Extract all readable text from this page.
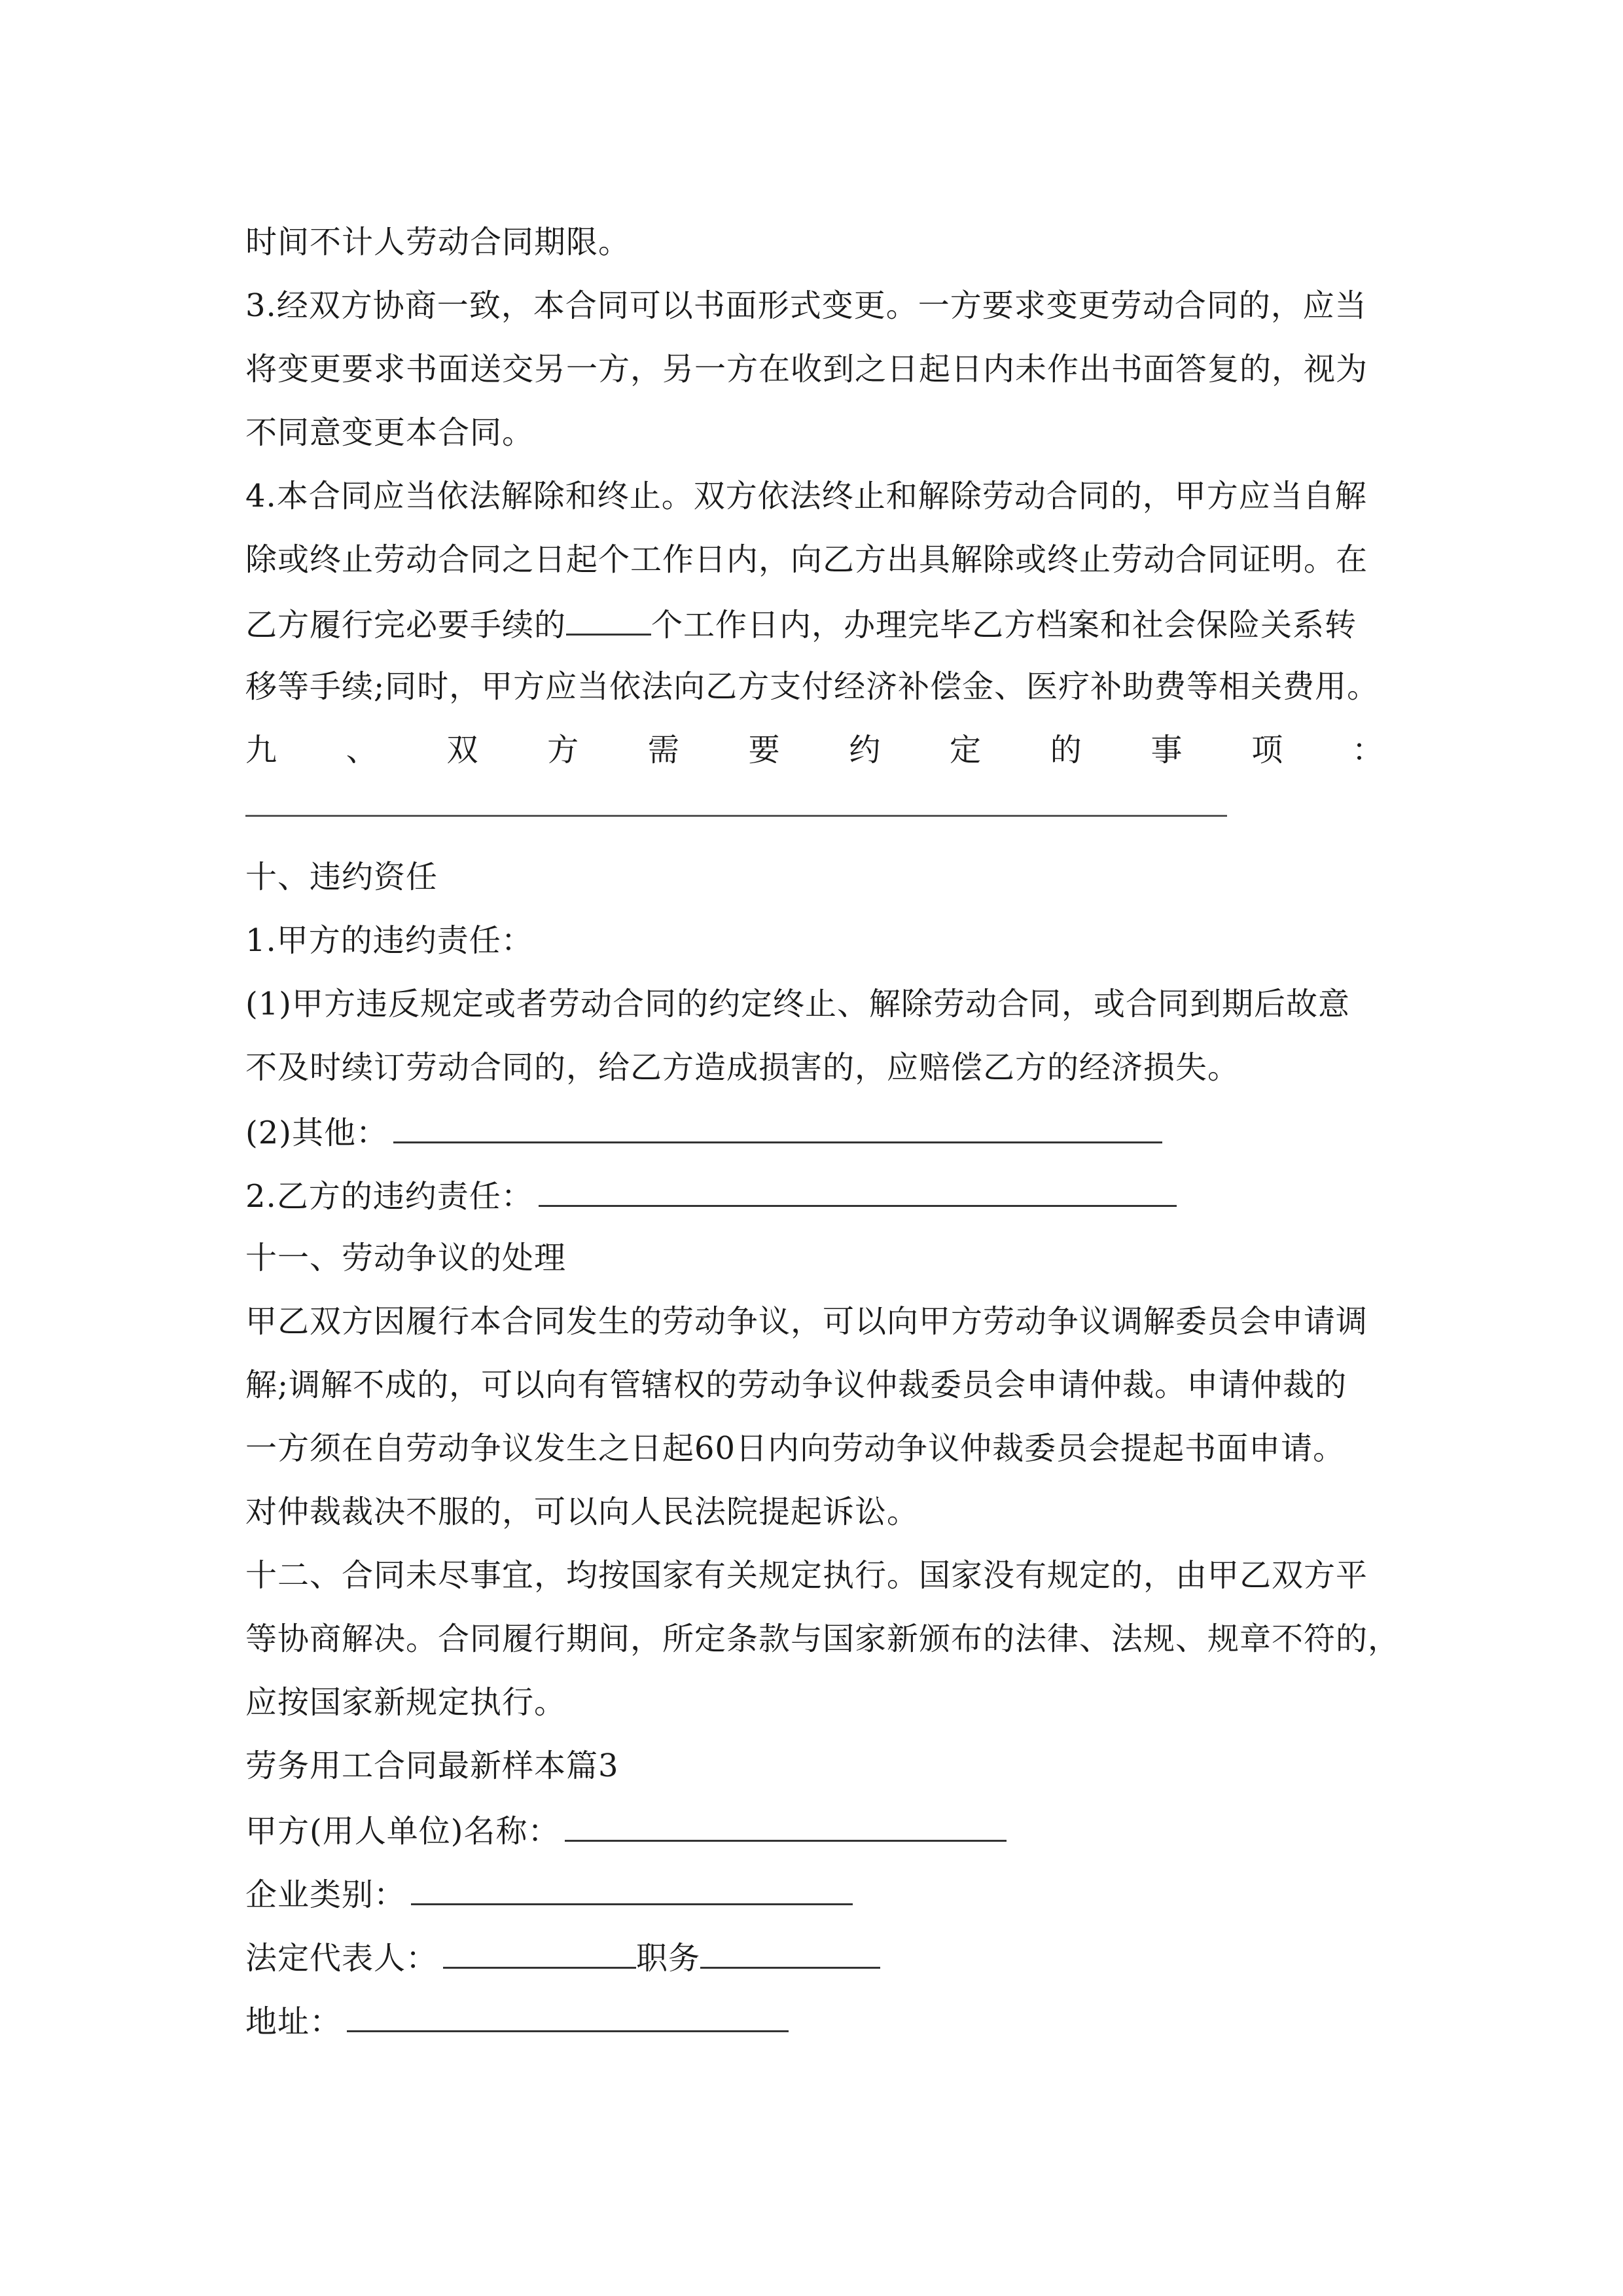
时间不计人劳动合同期限。
3.经双方协商一致，本合同可以书面形式变更。一方要求变更劳动合同的，应当
将变更要求书面送交另一方，另一方在收到之日起日内未作出书面答复的，视为
不同意变更本合同。
4.本合同应当依法解除和终止。双方依法终止和解除劳动合同的，甲方应当自解
除或终止劳动合同之日起个工作日内，向乙方出具解除或终止劳动合同证明。在
乙方履行完必要手续的	个工作日内，办理完毕乙方档案和社会保险关系转
移等手续;同时，甲方应当依法向乙方支付经济补偿金、医疗补助费等相关费用。
九 、 双 方 需 要 约 定 的 事 项 ：
十、违约资任
1.甲方的违约责任：
(1)甲方违反规定或者劳动合同的约定终止、解除劳动合同，或合同到期后故意
不及时续订劳动合同的，给乙方造成损害的，应赔偿乙方的经济损失。
(2)其他：
2.乙方的违约责任：
十一、劳动争议的处理
甲乙双方因履行本合同发生的劳动争议，可以向甲方劳动争议调解委员会申请调
解;调解不成的，可以向有管辖权的劳动争议仲裁委员会申请仲裁。申请仲裁的
一方须在自劳动争议发生之日起60日内向劳动争议仲裁委员会提起书面申请。
对仲裁裁决不服的，可以向人民法院提起诉讼。
十二、合同未尽事宜，均按国家有关规定执行。国家没有规定的，由甲乙双方平
等协商解决。合同履行期间，所定条款与国家新颁布的法律、法规、规章不符的，
应按国家新规定执行。
劳务用工合同最新样本篇3
甲方(用人单位)名称：
企业类别：
法定代表人：	职务
地址：
